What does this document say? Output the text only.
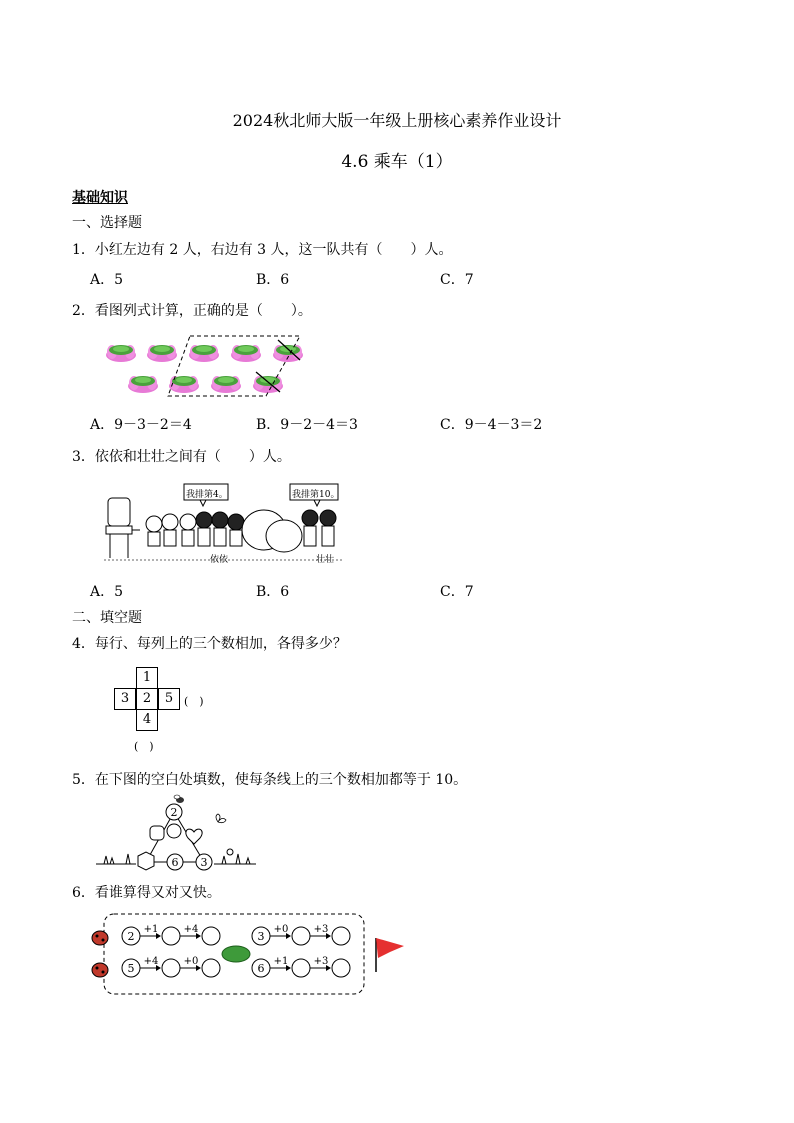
2024秋北师大版一年级上册核心素养作业设计
4.6 乘车（1）
基础知识
一、选择题
1．小红左边有 2 人，右边有 3 人，这一队共有（　　）人。
A．5	B．6	C．7
2．看图列式计算，正确的是（　　）。
A．9－3－2＝4	B．9－2－4＝3	C．9－4－3＝2
3．依依和壮壮之间有（　　）人。
我排第4。	我排第10。
依依	壮壮
A．5	B．6	C．7
二、填空题
4．每行、每列上的三个数相加，各得多少？
1
3	2	5
4
(　)
(　)
5．在下图的空白处填数，使每条线上的三个数相加都等于 10。
2
6 3
6．看谁算得又对又快。
2
+1	+4
3
+0	+3
5
+4	+0
6
+1	+3
